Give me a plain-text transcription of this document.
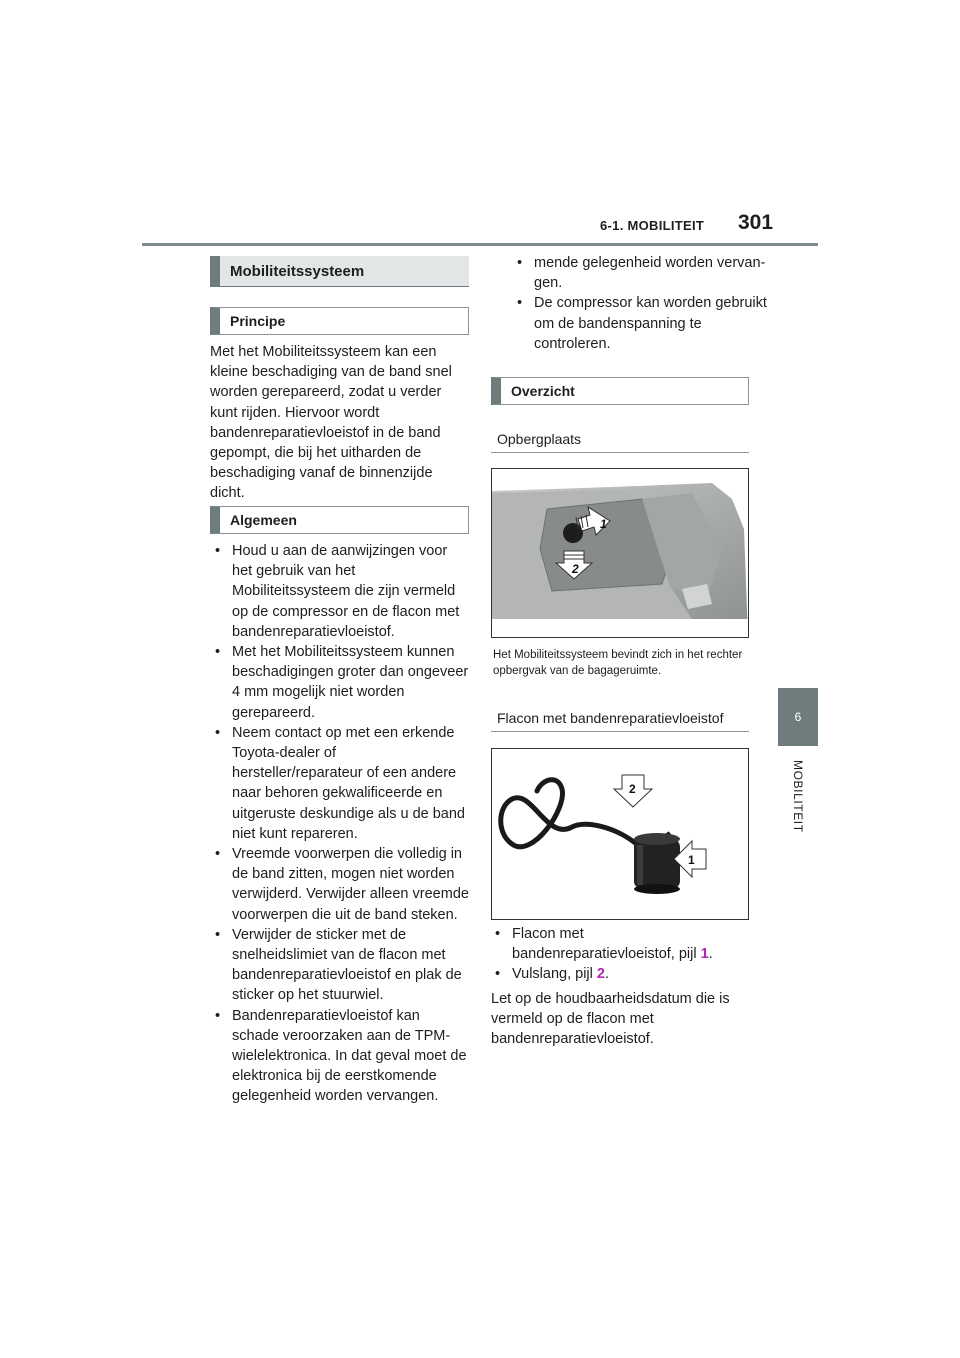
6-1. MOBILITEIT 301
6
MOBILITEIT
Mobiliteitssysteem
Principe
Met het Mobiliteitssysteem kan een kleine beschadiging van de band snel worden gerepareerd, zodat u verder kunt rijden. Hiervoor wordt bandenreparatievloeistof in de band gepompt, die bij het uitharden de beschadiging vanaf de binnenzijde dicht.
Algemeen
• Houd u aan de aanwijzingen voor het gebruik van het Mobiliteitssysteem die zijn vermeld op de compressor en de flacon met bandenreparatievloeistof.
• Met het Mobiliteitssysteem kunnen beschadigingen groter dan ongeveer 4 mm mogelijk niet worden gerepareerd.
• Neem contact op met een erkende Toyota-dealer of hersteller/reparateur of een andere naar behoren gekwalificeerde en uitgeruste deskundige als u de band niet kunt repareren.
• Vreemde voorwerpen die volledig in de band zitten, mogen niet worden verwijderd. Verwijder alleen vreemde voorwerpen die uit de band steken.
• Verwijder de sticker met de snelheidslimiet van de flacon met bandenreparatievloeistof en plak de sticker op het stuurwiel.
• Bandenreparatievloeistof kan schade veroorzaken aan de TPM-wielelektronica. In dat geval moet de elektronica bij de eerstkomende gelegenheid worden vervangen.
• mende gelegenheid worden vervan-gen.
• De compressor kan worden gebruikt om de bandenspanning te controleren.
Overzicht
Opbergplaats
1
2
Het Mobiliteitssysteem bevindt zich in het rechter opbergvak van de bagageruimte.
Flacon met bandenreparatievloeistof
2
1
• Flacon met bandenreparatievloeistof, pijl 1.
• Vulslang, pijl 2.
Let op de houdbaarheidsdatum die is vermeld op de flacon met bandenreparatievloeistof.
